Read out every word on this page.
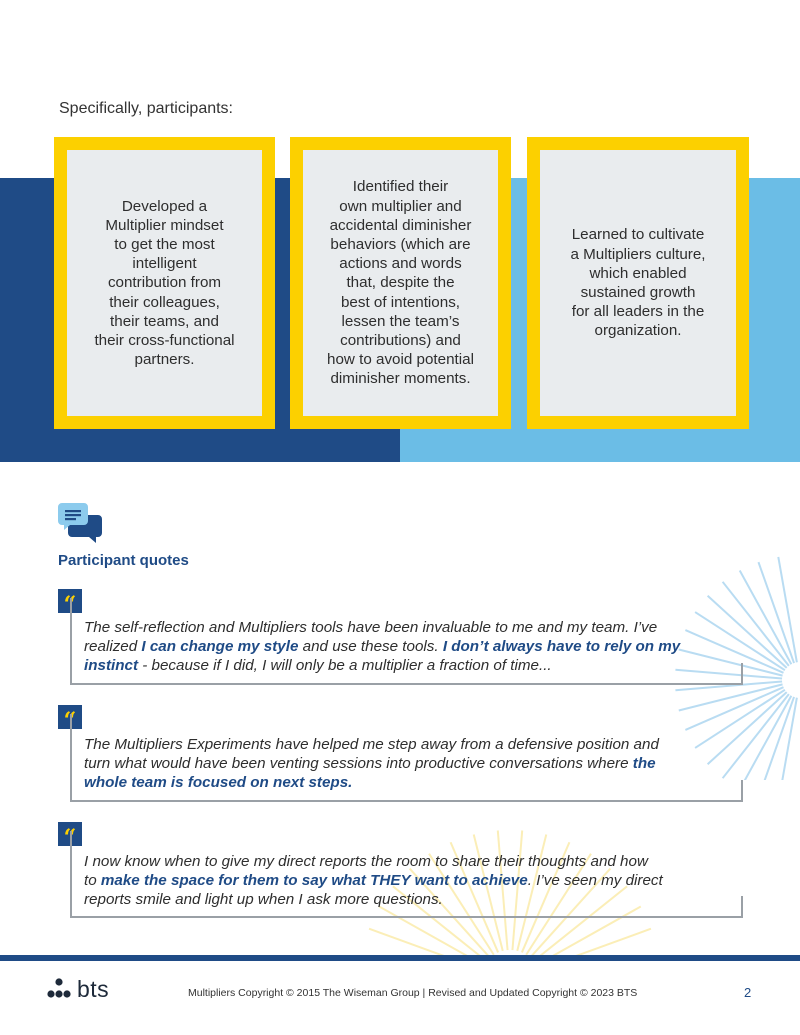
Specifically, participants:

Developed a
Multiplier mindset
to get the most
intelligent
contribution from
their colleagues,
their teams, and
their cross-functional
partners.
Identified their
own multiplier and
accidental diminisher
behaviors (which are
actions and words
that, despite the
best of intentions,
lessen the team’s
contributions) and
how to avoid potential
diminisher moments.
Learned to cultivate
a Multipliers culture,
which enabled
sustained growth
for all leaders in the
organization.
Participant quotes
“
The self-reflection and Multipliers tools have been invaluable to me and my team. I’ve
realized I can change my style and use these tools. I don’t always have to rely on my
instinct - because if I did, I will only be a multiplier a fraction of time...
“
The Multipliers Experiments have helped me step away from a defensive position and
turn what would have been venting sessions into productive conversations where the
whole team is focused on next steps.
“
I now know when to give my direct reports the room to share their thoughts and how
to make the space for them to say what THEY want to achieve. I’ve seen my direct
reports smile and light up when I ask more questions.
bts	Multipliers Copyright © 2015 The Wiseman Group | Revised and Updated Copyright © 2023 BTS	2
